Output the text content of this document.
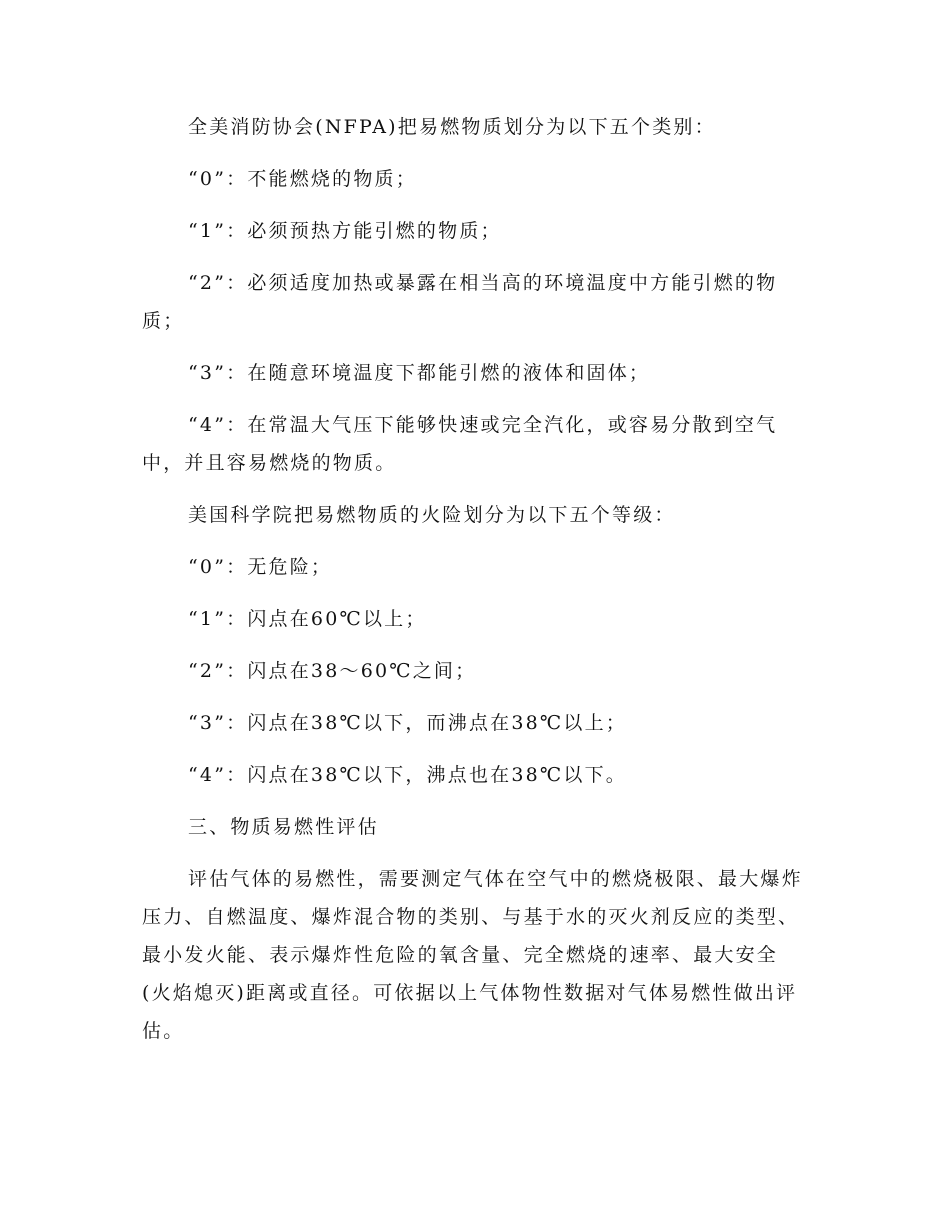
全美消防协会(NFPA)把易燃物质划分为以下五个类别：

“0”：不能燃烧的物质；

“1”：必须预热方能引燃的物质；

“2”：必须适度加热或暴露在相当高的环境温度中方能引燃的物质；

“3”：在随意环境温度下都能引燃的液体和固体；

“4”：在常温大气压下能够快速或完全汽化，或容易分散到空气中，并且容易燃烧的物质。

美国科学院把易燃物质的火险划分为以下五个等级：

“0”：无危险；

“1”：闪点在60℃以上；

“2”：闪点在38～60℃之间；

“3”：闪点在38℃以下，而沸点在38℃以上；

“4”：闪点在38℃以下，沸点也在38℃以下。

三、物质易燃性评估

评估气体的易燃性，需要测定气体在空气中的燃烧极限、最大爆炸压力、自燃温度、爆炸混合物的类别、与基于水的灭火剂反应的类型、最小发火能、表示爆炸性危险的氧含量、完全燃烧的速率、最大安全(火焰熄灭)距离或直径。可依据以上气体物性数据对气体易燃性做出评估。
